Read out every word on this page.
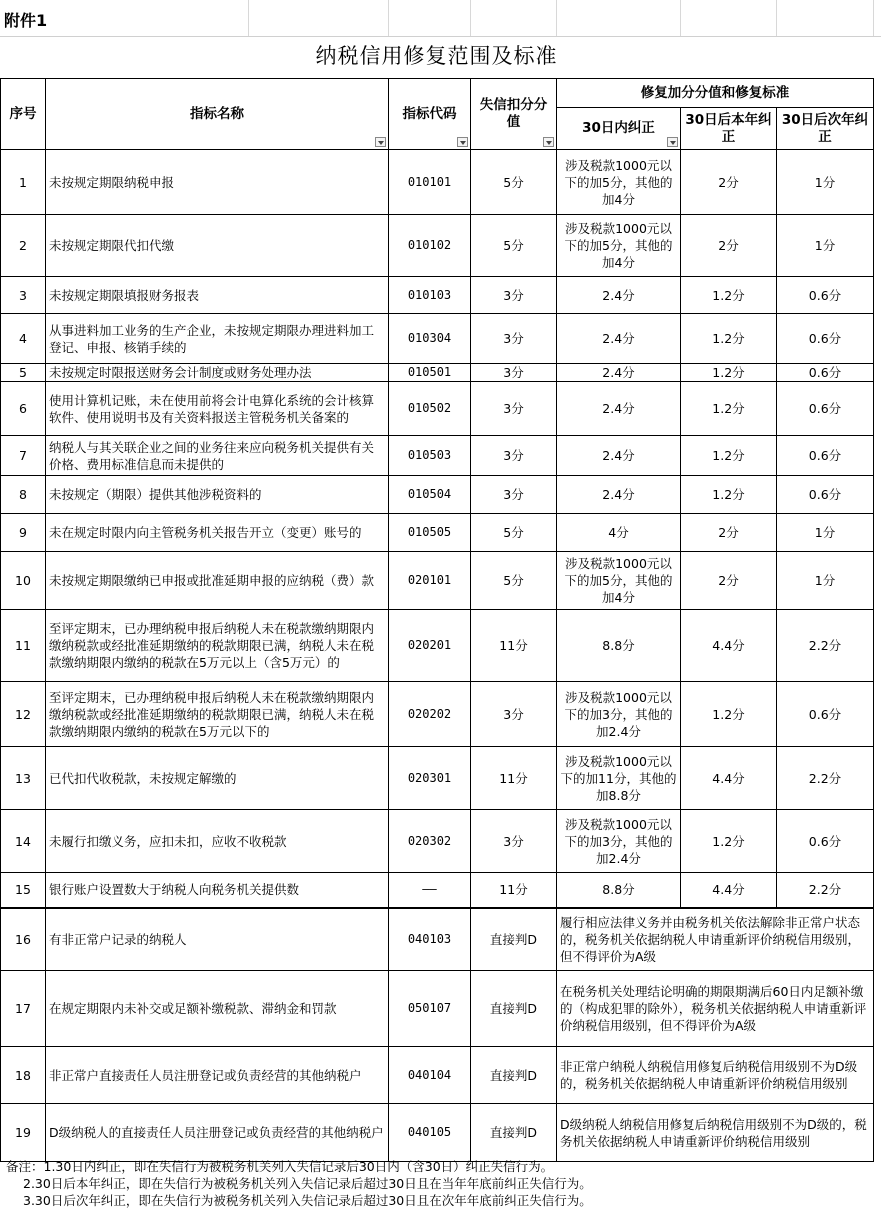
附件1
纳税信用修复范围及标准
序号	指标名称	指标代码	失信扣分分值	修复加分分值和修复标准		
				30日内纠正	30日后本年纠正	30日后次年纠正
1	未按规定期限纳税申报	010101	5分	涉及税款1000元以下的加5分，其他的加4分	2分	1分
2	未按规定期限代扣代缴	010102	5分	涉及税款1000元以下的加5分，其他的加4分	2分	1分
3	未按规定期限填报财务报表	010103	3分	2.4分	1.2分	0.6分
4	从事进料加工业务的生产企业，未按规定期限办理进料加工登记、申报、核销手续的	010304	3分	2.4分	1.2分	0.6分
5	未按规定时限报送财务会计制度或财务处理办法	010501	3分	2.4分	1.2分	0.6分
6	使用计算机记账，未在使用前将会计电算化系统的会计核算软件、使用说明书及有关资料报送主管税务机关备案的	010502	3分	2.4分	1.2分	0.6分
7	纳税人与其关联企业之间的业务往来应向税务机关提供有关价格、费用标准信息而未提供的	010503	3分	2.4分	1.2分	0.6分
8	未按规定（期限）提供其他涉税资料的	010504	3分	2.4分	1.2分	0.6分
9	未在规定时限内向主管税务机关报告开立（变更）账号的	010505	5分	4分	2分	1分
10	未按规定期限缴纳已申报或批准延期申报的应纳税（费）款	020101	5分	涉及税款1000元以下的加5分，其他的加4分	2分	1分
11	至评定期末，已办理纳税申报后纳税人未在税款缴纳期限内缴纳税款或经批准延期缴纳的税款期限已满，纳税人未在税款缴纳期限内缴纳的税款在5万元以上（含5万元）的	020201	11分	8.8分	4.4分	2.2分
12	至评定期末，已办理纳税申报后纳税人未在税款缴纳期限内缴纳税款或经批准延期缴纳的税款期限已满，纳税人未在税款缴纳期限内缴纳的税款在5万元以下的	020202	3分	涉及税款1000元以下的加3分，其他的加2.4分	1.2分	0.6分
13	已代扣代收税款，未按规定解缴的	020301	11分	涉及税款1000元以下的加11分，其他的加8.8分	4.4分	2.2分
14	未履行扣缴义务，应扣未扣，应收不收税款	020302	3分	涉及税款1000元以下的加3分，其他的加2.4分	1.2分	0.6分
15	银行账户设置数大于纳税人向税务机关提供数	——	11分	8.8分	4.4分	2.2分
16	有非正常户记录的纳税人	040103	直接判D	履行相应法律义务并由税务机关依法解除非正常户状态的，税务机关依据纳税人申请重新评价纳税信用级别，但不得评价为A级		
17	在规定期限内未补交或足额补缴税款、滞纳金和罚款	050107	直接判D	在税务机关处理结论明确的期限期满后60日内足额补缴的（构成犯罪的除外），税务机关依据纳税人申请重新评价纳税信用级别，但不得评价为A级		
18	非正常户直接责任人员注册登记或负责经营的其他纳税户	040104	直接判D	非正常户纳税人纳税信用修复后纳税信用级别不为D级的，税务机关依据纳税人申请重新评价纳税信用级别		
19	D级纳税人的直接责任人员注册登记或负责经营的其他纳税户	040105	直接判D	D级纳税人纳税信用修复后纳税信用级别不为D级的，税务机关依据纳税人申请重新评价纳税信用级别		
备注：1.30日内纠正，即在失信行为被税务机关列入失信记录后30日内（含30日）纠正失信行为。
2.30日后本年纠正，即在失信行为被税务机关列入失信记录后超过30日且在当年年底前纠正失信行为。
3.30日后次年纠正，即在失信行为被税务机关列入失信记录后超过30日且在次年年底前纠正失信行为。
